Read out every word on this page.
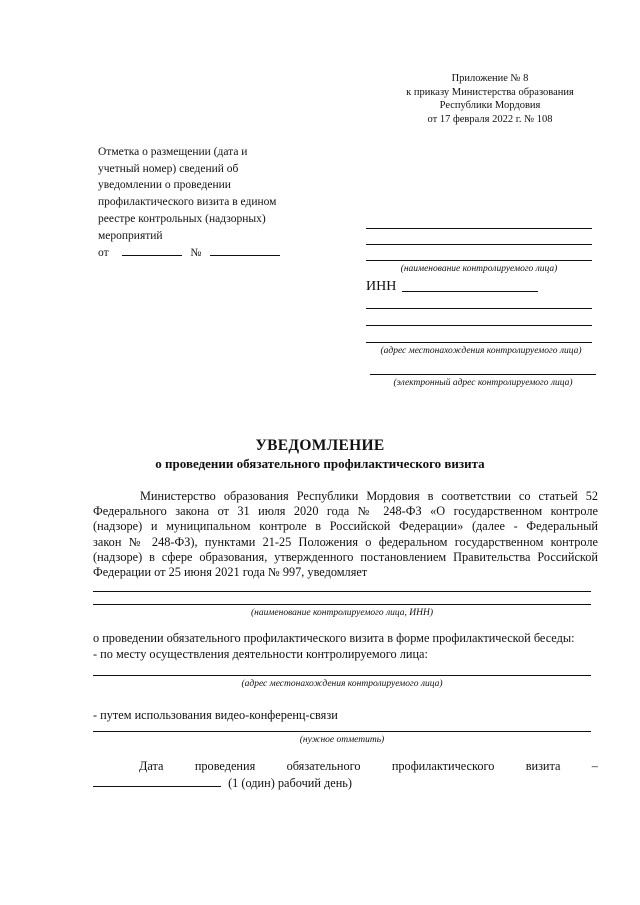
Приложение № 8
к приказу Министерства образования
Республики Мордовия
от 17 февраля 2022 г. № 108
Отметка о размещении (дата и
учетный номер) сведений об
уведомлении о проведении
профилактического визита в едином
реестре контрольных (надзорных)
мероприятий
от	№
(наименование контролируемого лица)
ИНН
(адрес местонахождения контролируемого лица)
(электронный адрес контролируемого лица)
УВЕДОМЛЕНИЕ
о проведении обязательного профилактического визита
Министерство образования Республики Мордовия в соответствии со статьей 52
Федерального закона от 31 июля 2020 года № 248-ФЗ «О государственном контроле
(надзоре) и муниципальном контроле в Российской Федерации» (далее - Федеральный
закон № 248-ФЗ), пунктами 21-25 Положения о федеральном государственном контроле
(надзоре) в сфере образования, утвержденного постановлением Правительства Российской
Федерации от 25 июня 2021 года № 997, уведомляет
(наименование контролируемого лица, ИНН)
о проведении обязательного профилактического визита в форме профилактической беседы:
- по месту осуществления деятельности контролируемого лица:
(адрес местонахождения контролируемого лица)
- путем использования видео-конференц-связи
(нужное отметить)
Дата	проведения	обязательного	профилактического	визита	–
(1 (один) рабочий день)
